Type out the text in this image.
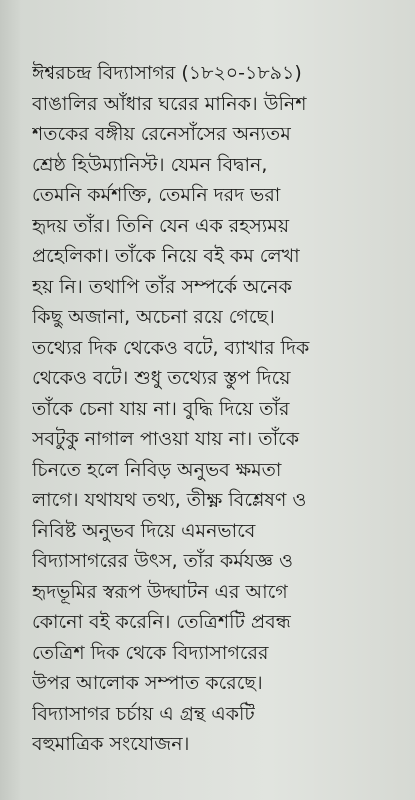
ঈশ্বরচন্দ্র বিদ্যাসাগর (১৮২০-১৮৯১)
বাঙালির আঁধার ঘরের মানিক। উনিশ
শতকের বঙ্গীয় রেনেসাঁসের অন্যতম
শ্রেষ্ঠ হিউম্যানিস্ট। যেমন বিদ্বান,
তেমনি কর্মশক্তি, তেমনি দরদ ভরা
হৃদয় তাঁর। তিনি যেন এক রহস্যময়
প্রহেলিকা। তাঁকে নিয়ে বই কম লেখা
হয় নি। তথাপি তাঁর সম্পর্কে অনেক
কিছু অজানা, অচেনা রয়ে গেছে।
তথ্যের দিক থেকেও বটে, ব্যাখার দিক
থেকেও বটে। শুধু তথ্যের স্তুপ দিয়ে
তাঁকে চেনা যায় না। বুদ্ধি দিয়ে তাঁর
সবটুকু নাগাল পাওয়া যায় না। তাঁকে
চিনতে হলে নিবিড় অনুভব ক্ষমতা
লাগে। যথাযথ তথ্য, তীক্ষ্ণ বিশ্লেষণ ও
নিবিষ্ট অনুভব দিয়ে এমনভাবে
বিদ্যাসাগরের উৎস, তাঁর কর্মযজ্ঞ ও
হৃদভূমির স্বরূপ উদ্ঘাটন এর আগে
কোনো বই করেনি। তেত্রিশটি প্রবন্ধ
তেত্রিশ দিক থেকে বিদ্যাসাগরের
উপর আলোক সম্পাত করেছে।
বিদ্যাসাগর চর্চায় এ গ্রন্থ একটি
বহুমাত্রিক সংযোজন।
